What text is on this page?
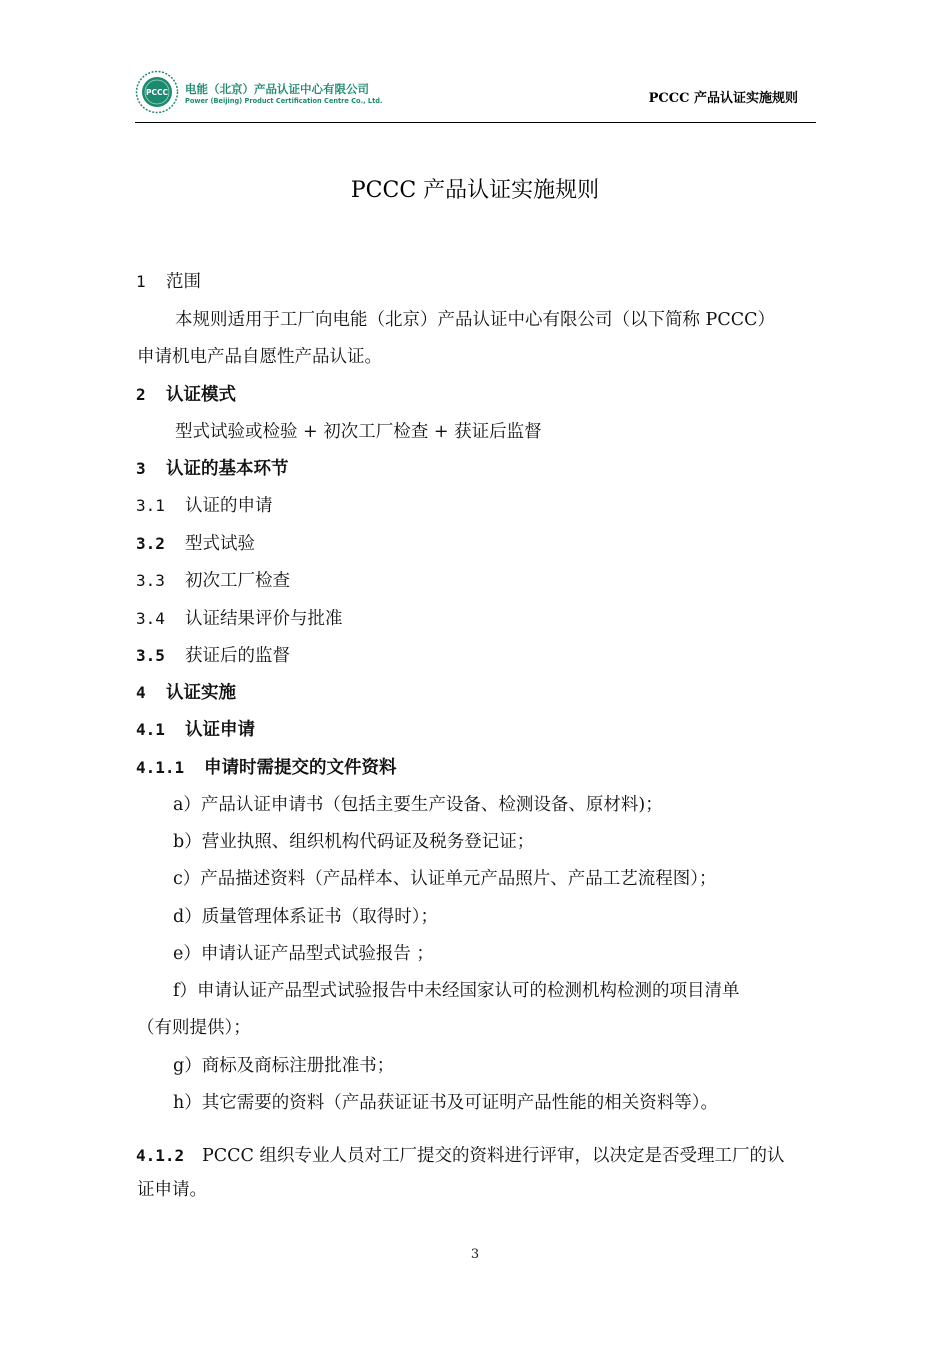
PCCC 电能（北京）产品认证中心有限公司
Power (Beijing) Product Certification Centre Co., Ltd.	PCCC 产品认证实施规则
PCCC 产品认证实施规则
1 范围
本规则适用于工厂向电能（北京）产品认证中心有限公司（以下简称 PCCC）
申请机电产品自愿性产品认证。
2 认证模式
型式试验或检验 + 初次工厂检查 + 获证后监督
3 认证的基本环节
3.1 认证的申请
3.2 型式试验
3.3 初次工厂检查
3.4 认证结果评价与批准
3.5 获证后的监督
4 认证实施
4.1 认证申请
4.1.1 申请时需提交的文件资料
a）产品认证申请书（包括主要生产设备、检测设备、原材料)；
b）营业执照、组织机构代码证及税务登记证；
c）产品描述资料（产品样本、认证单元产品照片、产品工艺流程图）；
d）质量管理体系证书（取得时）；
e）申请认证产品型式试验报告 ；
f）申请认证产品型式试验报告中未经国家认可的检测机构检测的项目清单
（有则提供）；
g）商标及商标注册批准书；
h）其它需要的资料（产品获证证书及可证明产品性能的相关资料等）。
4.1.2 PCCC 组织专业人员对工厂提交的资料进行评审，以决定是否受理工厂的认
证申请。
3
